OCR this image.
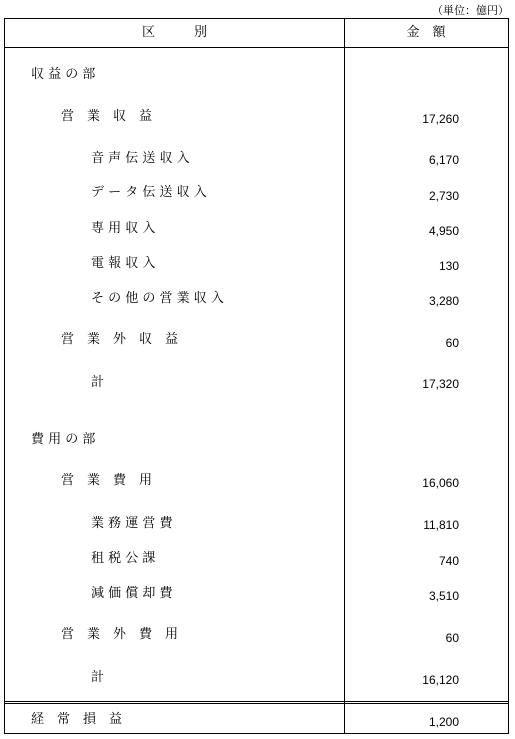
（単位：億円）
区　　　別	金　額
収 益 の 部
営　業　収　益	17,260
音 声 伝 送 収 入	6,170
デ ー タ 伝 送 収 入	2,730
専 用 収 入	4,950
電 報 収 入	130
そ の 他 の 営 業 収 入	3,280
営　業　外　収　益	60
計	17,320
費 用 の 部
営　業　費　用	16,060
業 務 運 営 費	11,810
租 税 公 課	740
減 価 償 却 費	3,510
営　業　外　費　用	60
計	16,120
経　常　損　益	1,200
